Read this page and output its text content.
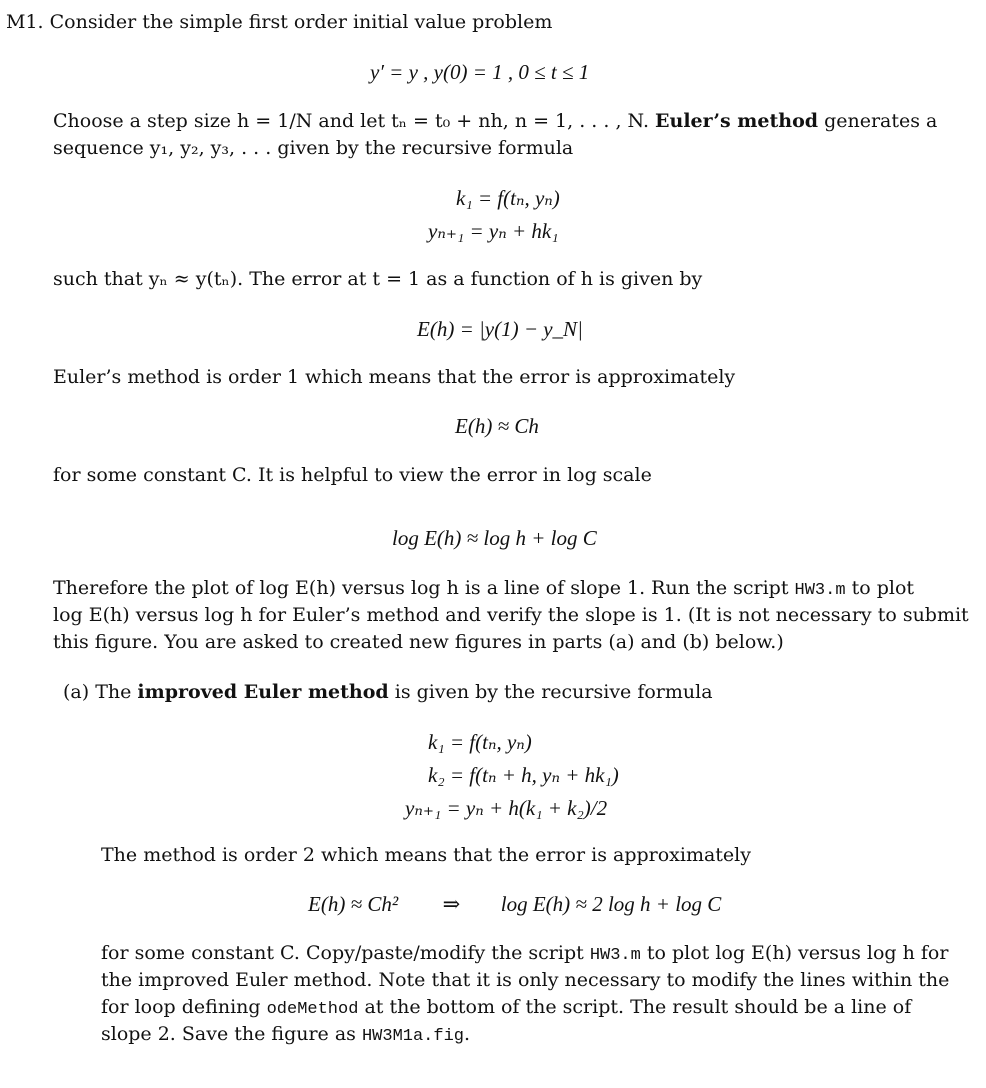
M1. Consider the simple first order initial value problem
y′ = y , y(0) = 1 , 0 ≤ t ≤ 1
Choose a step size h = 1/N and let tₙ = t₀ + nh, n = 1, . . . , N. Euler’s method generates a
sequence y₁, y₂, y₃, . . . given by the recursive formula
k₁ = f(tₙ, yₙ)
yₙ₊₁ = yₙ + hk₁
such that yₙ ≈ y(tₙ). The error at t = 1 as a function of h is given by
E(h) = |y(1) − y_N|
Euler’s method is order 1 which means that the error is approximately
E(h) ≈ Ch
for some constant C. It is helpful to view the error in log scale
log E(h) ≈ log h + log C
Therefore the plot of log E(h) versus log h is a line of slope 1. Run the script HW3.m to plot
log E(h) versus log h for Euler’s method and verify the slope is 1. (It is not necessary to submit
this figure. You are asked to created new figures in parts (a) and (b) below.)
(a) The improved Euler method is given by the recursive formula
k₁ = f(tₙ, yₙ)
k₂ = f(tₙ + h, yₙ + hk₁)
yₙ₊₁ = yₙ + h(k₁ + k₂)/2
The method is order 2 which means that the error is approximately
E(h) ≈ Ch² ⇒ log E(h) ≈ 2 log h + log C
for some constant C. Copy/paste/modify the script HW3.m to plot log E(h) versus log h for
the improved Euler method. Note that it is only necessary to modify the lines within the
for loop defining odeMethod at the bottom of the script. The result should be a line of
slope 2. Save the figure as HW3M1a.fig.
